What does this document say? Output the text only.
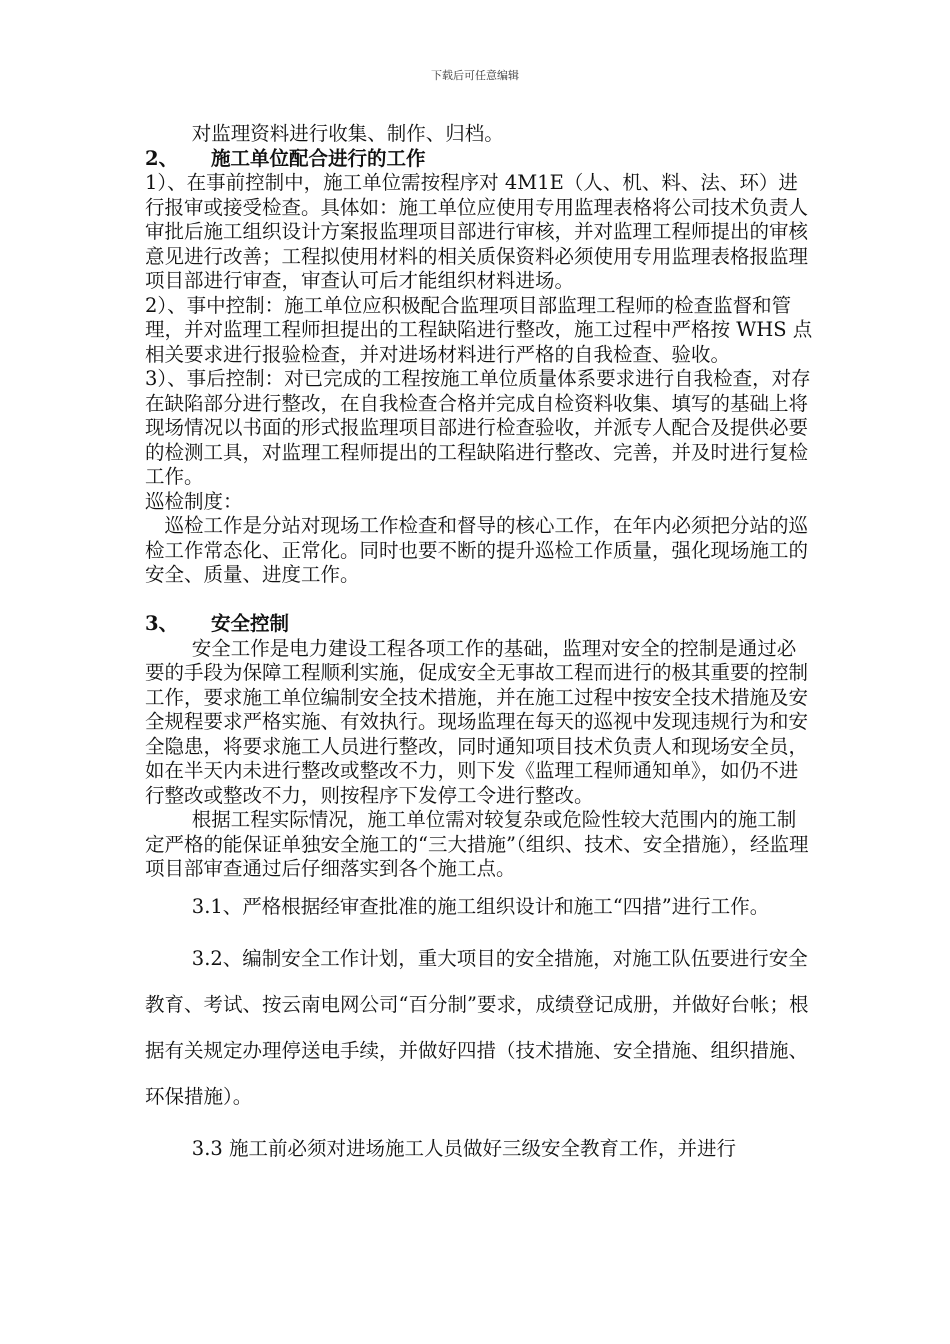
下载后可任意编辑

对监理资料进行收集、制作、归档。

2、 施工单位配合进行的工作

1）、在事前控制中，施工单位需按程序对 4M1E（人、机、料、法、环）进行报审或接受检查。具体如：施工单位应使用专用监理表格将公司技术负责人审批后施工组织设计方案报监理项目部进行审核，并对监理工程师提出的审核意见进行改善；工程拟使用材料的相关质保资料必须使用专用监理表格报监理项目部进行审查，审查认可后才能组织材料进场。

2）、事中控制：施工单位应积极配合监理项目部监理工程师的检查监督和管理，并对监理工程师担提出的工程缺陷进行整改，施工过程中严格按 WHS 点相关要求进行报验检查，并对进场材料进行严格的自我检查、验收。

3）、事后控制：对已完成的工程按施工单位质量体系要求进行自我检查，对存在缺陷部分进行整改，在自我检查合格并完成自检资料收集、填写的基础上将现场情况以书面的形式报监理项目部进行检查验收，并派专人配合及提供必要的检测工具，对监理工程师提出的工程缺陷进行整改、完善，并及时进行复检工作。

巡检制度：

巡检工作是分站对现场工作检查和督导的核心工作，在年内必须把分站的巡检工作常态化、正常化。同时也要不断的提升巡检工作质量，强化现场施工的安全、质量、进度工作。

3、 安全控制

安全工作是电力建设工程各项工作的基础，监理对安全的控制是通过必要的手段为保障工程顺利实施，促成安全无事故工程而进行的极其重要的控制工作，要求施工单位编制安全技术措施，并在施工过程中按安全技术措施及安全规程要求严格实施、有效执行。现场监理在每天的巡视中发现违规行为和安全隐患，将要求施工人员进行整改，同时通知项目技术负责人和现场安全员，如在半天内未进行整改或整改不力，则下发《监理工程师通知单》，如仍不进行整改或整改不力，则按程序下发停工令进行整改。

根据工程实际情况，施工单位需对较复杂或危险性较大范围内的施工制定严格的能保证单独安全施工的“三大措施”（组织、技术、安全措施），经监理项目部审查通过后仔细落实到各个施工点。

3.1、严格根据经审查批准的施工组织设计和施工“四措”进行工作。

3.2、编制安全工作计划，重大项目的安全措施，对施工队伍要进行安全教育、考试、按云南电网公司“百分制”要求，成绩登记成册，并做好台帐；根据有关规定办理停送电手续，并做好四措（技术措施、安全措施、组织措施、环保措施）。

3.3 施工前必须对进场施工人员做好三级安全教育工作，并进行
